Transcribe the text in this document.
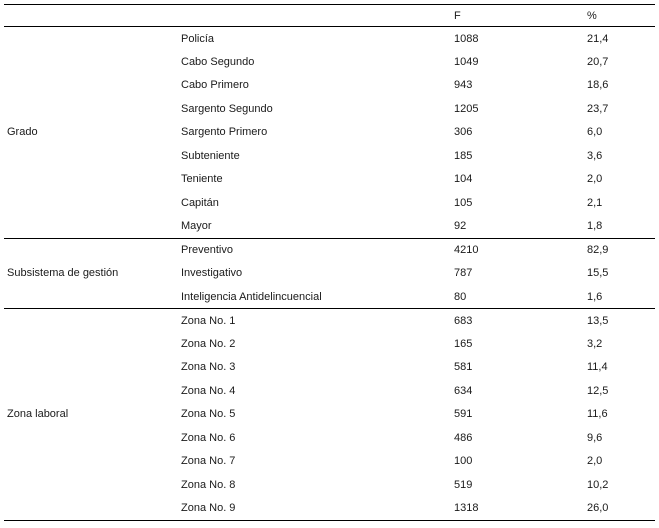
		F	%
Grado	Policía	1088	21,4
	Cabo Segundo	1049	20,7
	Cabo Primero	943	18,6
	Sargento Segundo	1205	23,7
	Sargento Primero	306	6,0
	Subteniente	185	3,6
	Teniente	104	2,0
	Capitán	105	2,1
	Mayor	92	1,8
Subsistema de gestión	Preventivo	4210	82,9
	Investigativo	787	15,5
	Inteligencia Antidelincuencial	80	1,6
Zona laboral	Zona No. 1	683	13,5
	Zona No. 2	165	3,2
	Zona No. 3	581	11,4
	Zona No. 4	634	12,5
	Zona No. 5	591	11,6
	Zona No. 6	486	9,6
	Zona No. 7	100	2,0
	Zona No. 8	519	10,2
	Zona No. 9	1318	26,0
